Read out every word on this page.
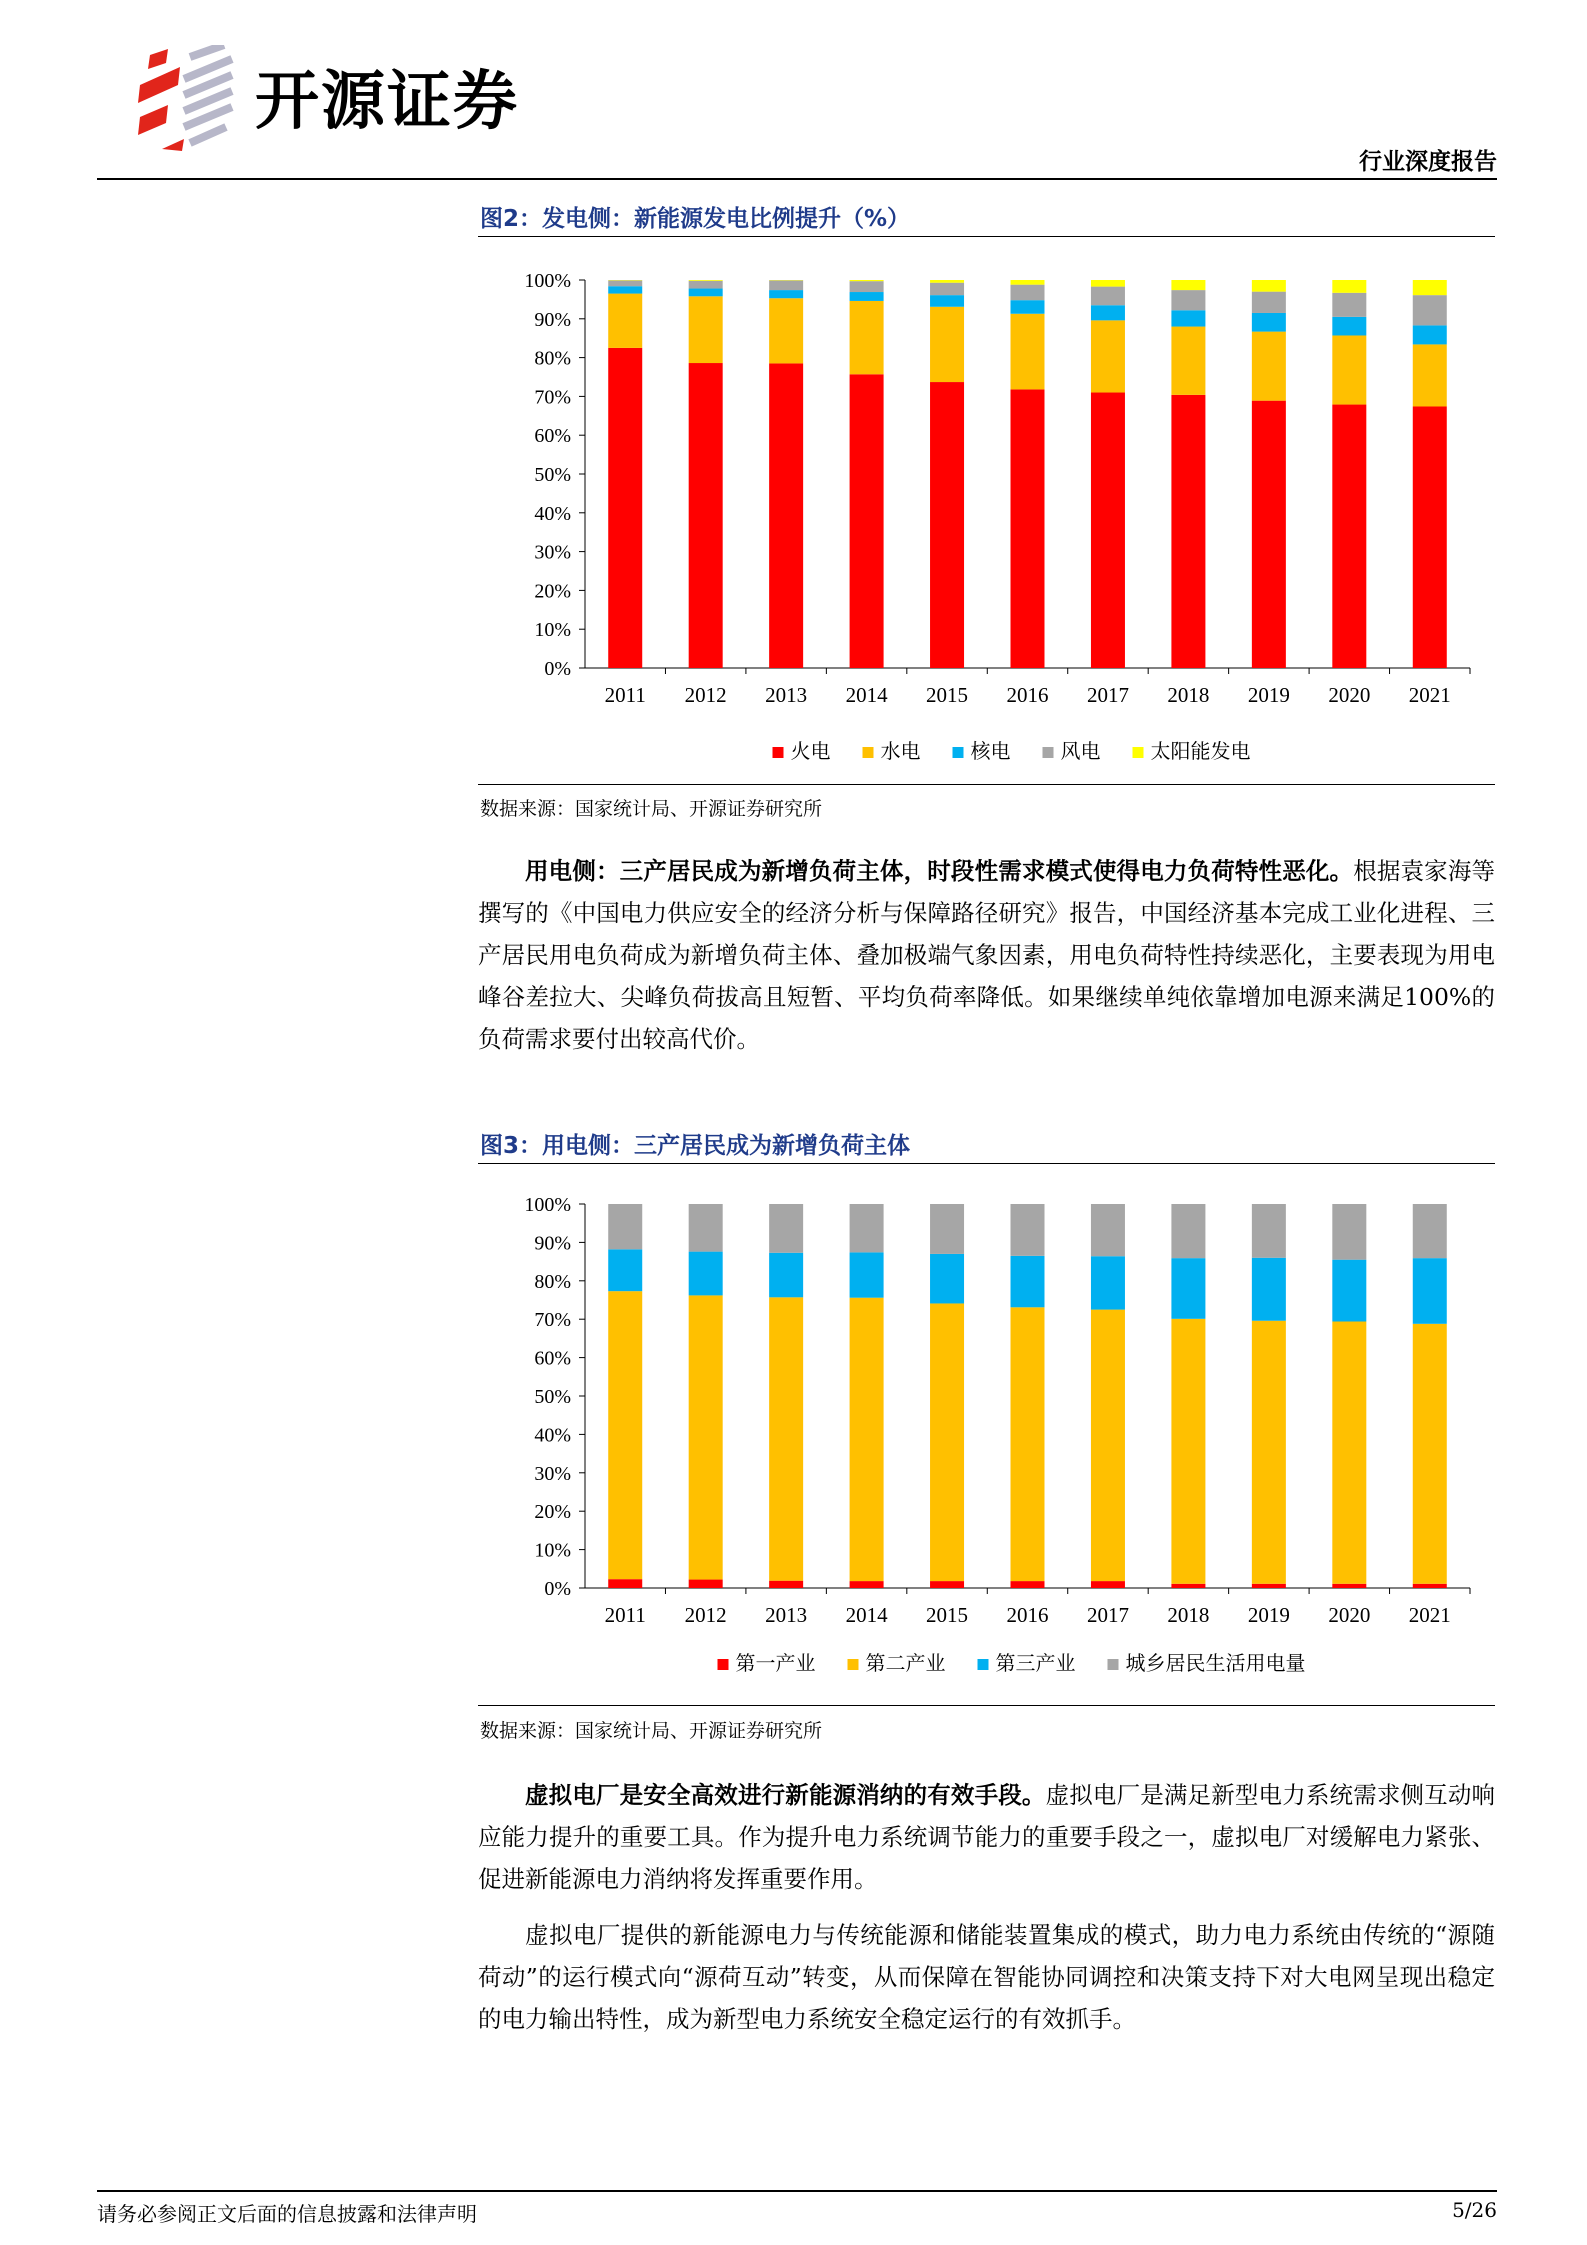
开源证券
行业深度报告
图2：发电侧：新能源发电比例提升（%）
0%
10%
20%
30%
40%
50%
60%
70%
80%
90%
100%
2011 2012 2013 2014 2015 2016 2017 2018 2019 2020 2021
火电	水电	核电	风电	太阳能发电
数据来源：国家统计局、开源证券研究所

用电侧：三产居民成为新增负荷主体，时段性需求模式使得电力负荷特性恶化。根据袁家海等撰写的《中国电力供应安全的经济分析与保障路径研究》报告，中国经济基本完成工业化进程、三产居民用电负荷成为新增负荷主体、叠加极端气象因素，用电负荷特性持续恶化，主要表现为用电峰谷差拉大、尖峰负荷拔高且短暂、平均负荷率降低。如果继续单纯依靠增加电源来满足100%的负荷需求要付出较高代价。

图3：用电侧：三产居民成为新增负荷主体
0%
10%
20%
30%
40%
50%
60%
70%
80%
90%
100%
2011 2012 2013 2014 2015 2016 2017 2018 2019 2020 2021
第一产业	第二产业	第三产业	城乡居民生活用电量
数据来源：国家统计局、开源证券研究所

虚拟电厂是安全高效进行新能源消纳的有效手段。虚拟电厂是满足新型电力系统需求侧互动响应能力提升的重要工具。作为提升电力系统调节能力的重要手段之一，虚拟电厂对缓解电力紧张、促进新能源电力消纳将发挥重要作用。

虚拟电厂提供的新能源电力与传统能源和储能装置集成的模式，助力电力系统由传统的“源随荷动”的运行模式向“源荷互动”转变，从而保障在智能协同调控和决策支持下对大电网呈现出稳定的电力输出特性，成为新型电力系统安全稳定运行的有效抓手。

请务必参阅正文后面的信息披露和法律声明	5/26
